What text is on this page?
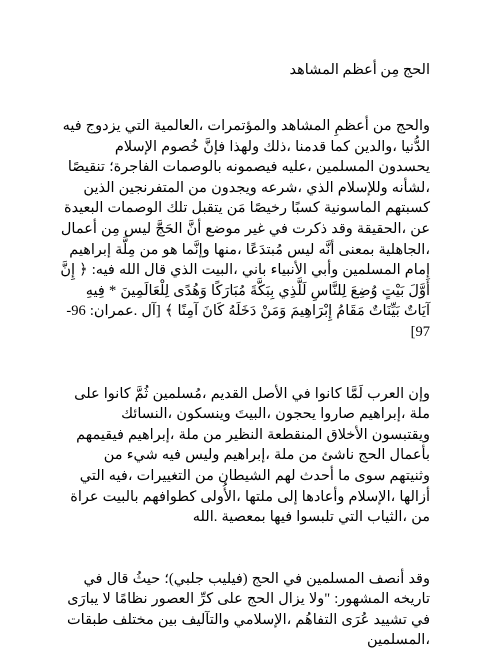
الحج مِن أعظم المشاهد

والحج من أعظمِ المشاهد والمؤتمرات ،العالمية التي يزدوج فيه الدُّنيا ،والدين كما قدمنا ،ذلك ولهذا فإنَّ خُصوم الإسلام يحسدون المسلمين ،عليه فيصمونه بالوصمات الفاجرة؛ تنقيصًا ،لشأنه وللإسلام الذي ،شرعه ويجدون من المتفرنجين الذين كسبتهم الماسونية كسبًا رخيصًا مَن يتقبل تلك الوصمات البعيدة عن ،الحقيقة وقد ذكرت في غير موضع أنَّ الحَجَّ ليس مِن أعمال ،الجاهلية بمعنى أنَّه ليس مُبتدَعًا ،منها وإنَّما هو من مِلَّة إبراهيم إمام المسلمين وأبي الأنبياء باني ،البيت الذي قال الله فيه: ﴿ إِنَّ أَوَّلَ بَيْتٍ وُضِعَ لِلنَّاسِ لَلَّذِي بِبَكَّةَ مُبَارَكًا وَهُدًى لِلْعَالَمِينَ * فِيهِ آيَاتٌ بَيِّنَاتٌ مَقَامُ إِبْرَاهِيمَ وَمَنْ دَخَلَهُ كَانَ آمِنًا ﴾ [آل .عمران: 96- 97]

وإن العرب لَمَّا كانوا في الأصل القديم ،مُسلمين ثُمَّ كانوا على ملة ،إبراهيم صاروا يحجون ،البيتَ وينسكون ،النسائك ويقتبسون الأخلاق المنقطعة النظير من ملة ،إبراهيم فيقيمهم بأعمال الحج ناشئ من ملة ،إبراهيم وليس فيه شيء من وثنيتهم سوى ما أحدث لهم الشيطان من التغييرات ،فيه التي أزالها ،الإسلام وأعادها إلى ملتها ،الأُولى كطوافهم بالبيت عراة من ،الثياب التي تلبسوا فيها بمعصية .الله

وقد أنصف المسلمين في الحج (فيليب جلبي)؛ حيثُ قال في تاريخه المشهور: "ولا يزال الحج على كرِّ العصور نظامًا لا يبارَى في تشييد عُرَى التفاهُم ،الإسلامي والتآليف بين مختلف طبقات ،المسلمين
